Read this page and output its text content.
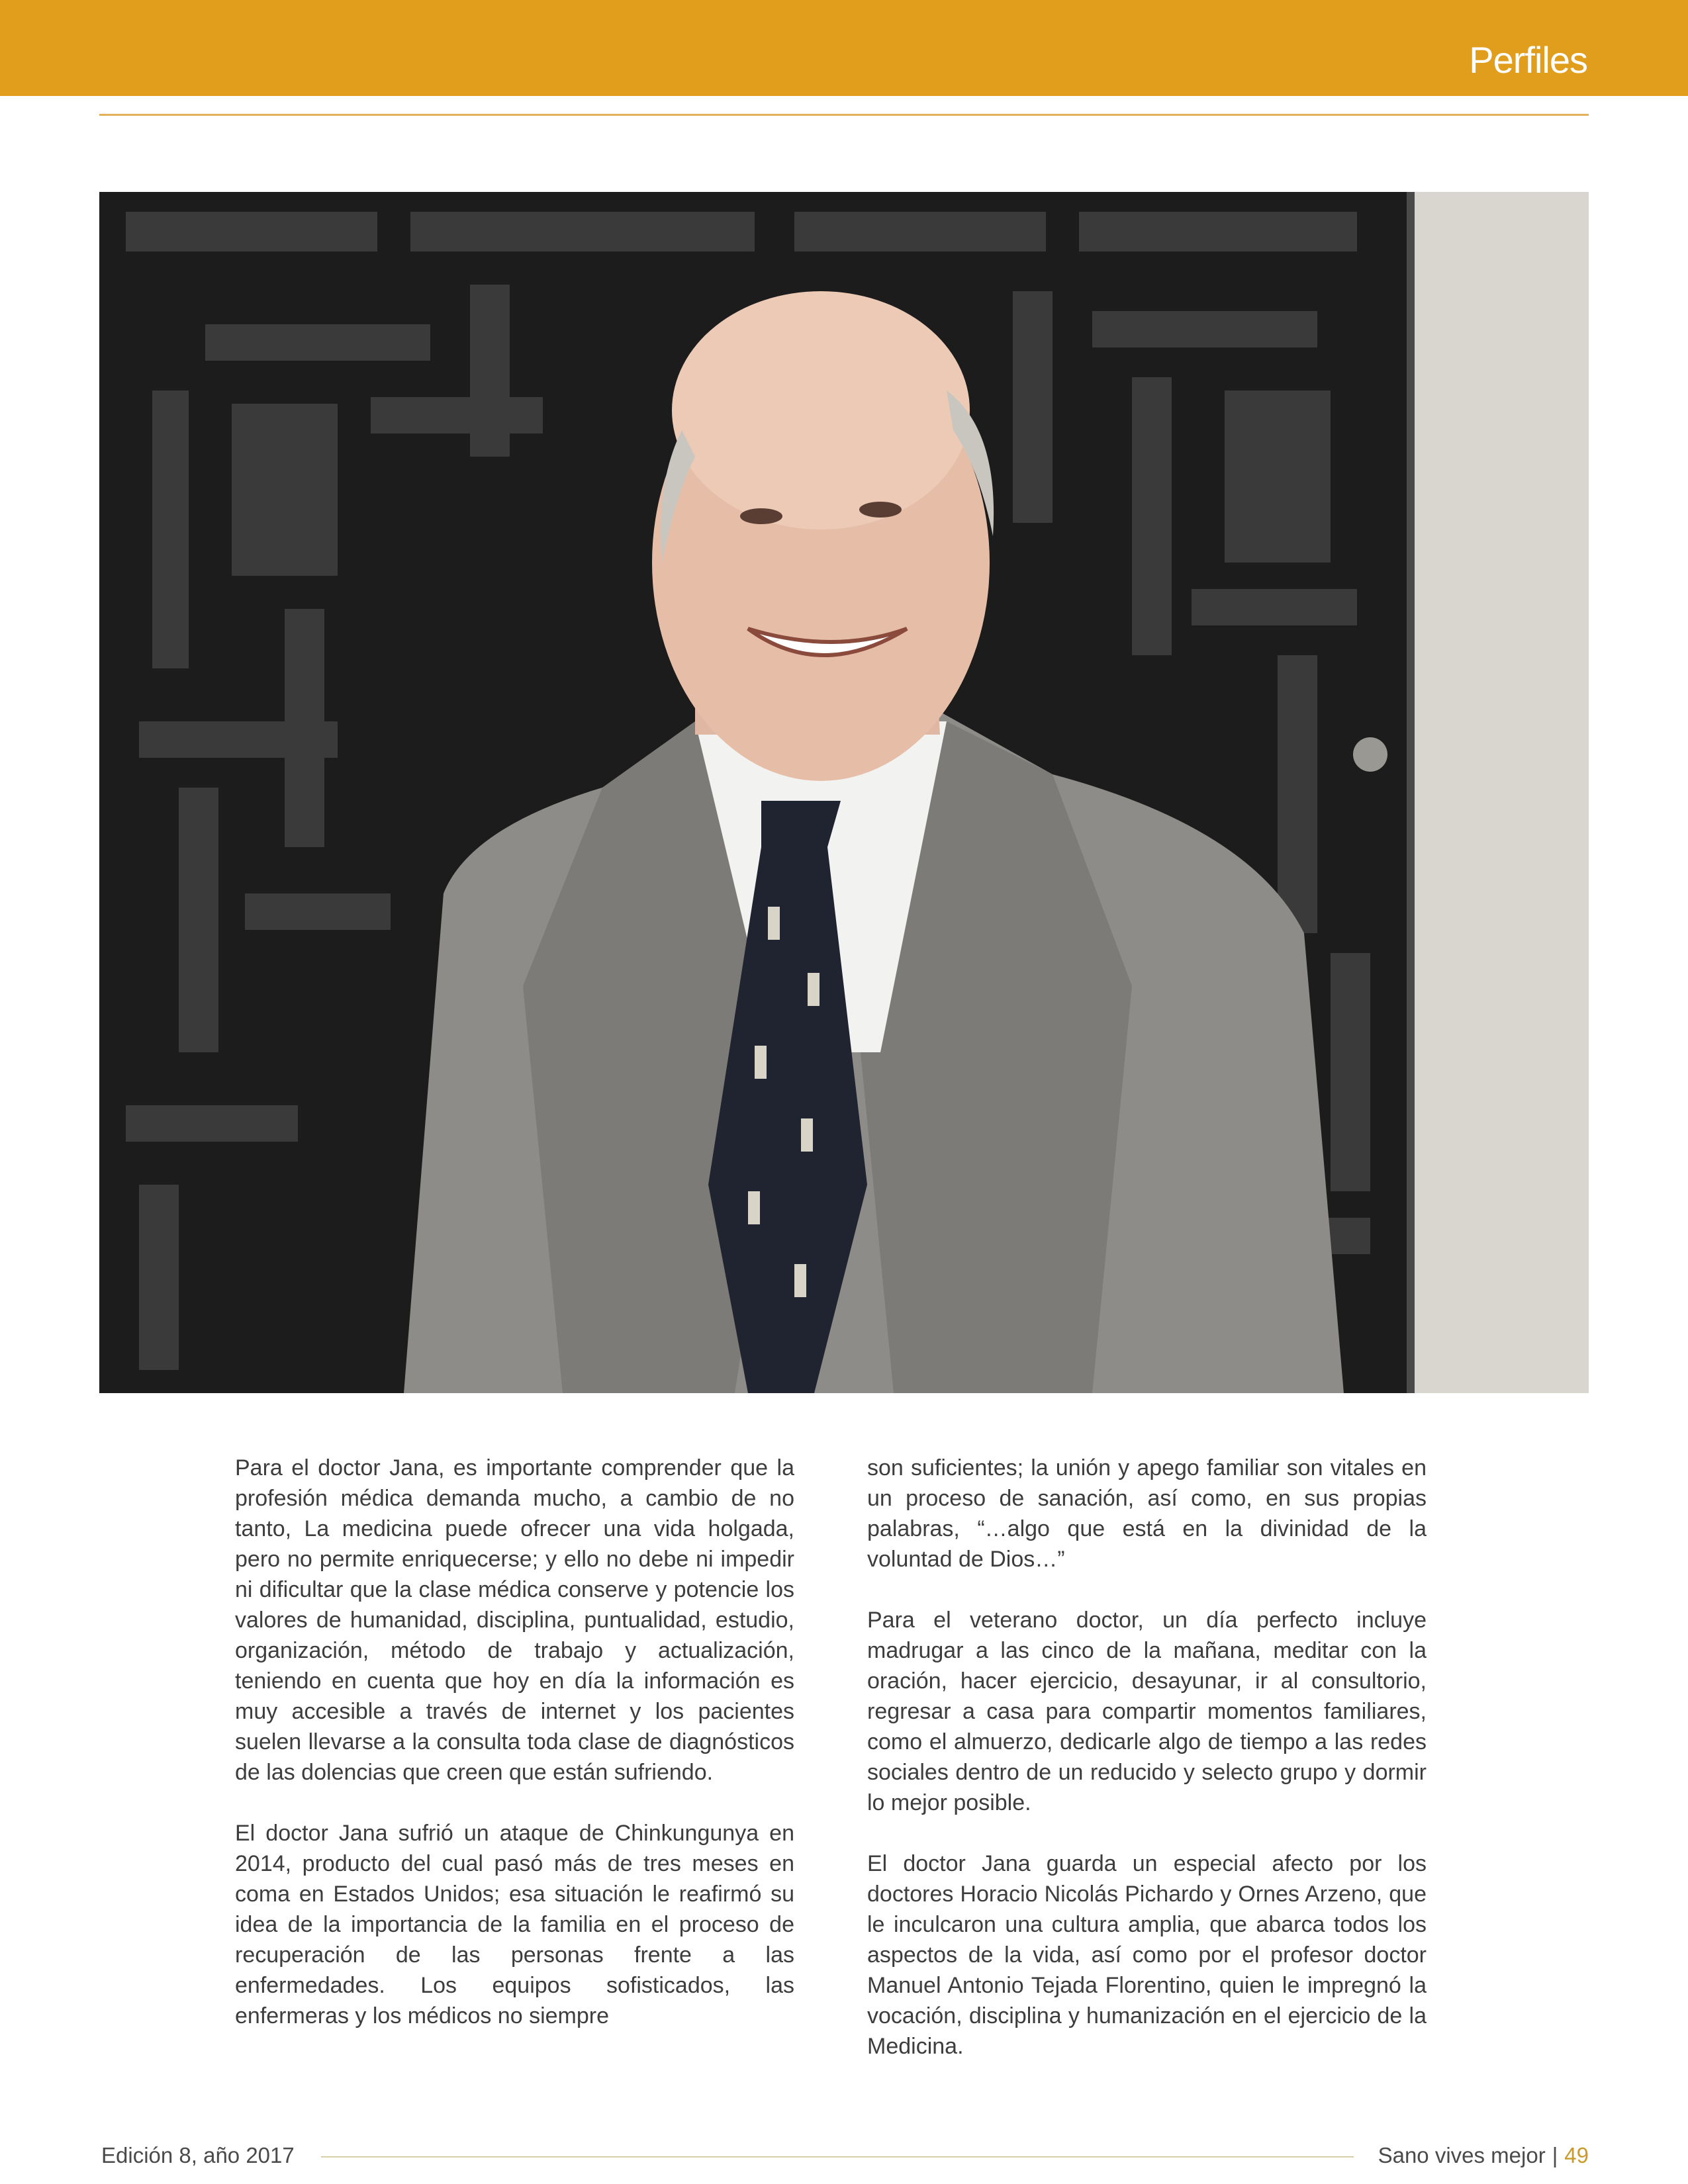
Perfiles

Para el doctor Jana, es importante comprender que la profesión médica demanda mucho, a cambio de no tanto, La medicina puede ofrecer una vida holgada, pero no permite enriquecerse; y ello no debe ni impedir ni dificultar que la clase médica conserve y potencie los valores de humanidad, disciplina, puntualidad, estudio, organización, método de trabajo y actualización, teniendo en cuenta que hoy en día la información es muy accesible a través de internet y los pacientes suelen llevarse a la consulta toda clase de diagnósticos de las dolencias que creen que están sufriendo.

El doctor Jana sufrió un ataque de Chinkungunya en 2014, producto del cual pasó más de tres meses en coma en Estados Unidos; esa situación le reafirmó su idea de la importancia de la familia en el proceso de recuperación de las personas frente a las enfermedades. Los equipos sofisticados, las enfermeras y los médicos no siempre

son suficientes; la unión y apego familiar son vitales en un proceso de sanación, así como, en sus propias palabras, “…algo que está en la divinidad de la voluntad de Dios…”

Para el veterano doctor, un día perfecto incluye madrugar a las cinco de la mañana, meditar con la oración, hacer ejercicio, desayunar, ir al consultorio, regresar a casa para compartir momentos familiares, como el almuerzo, dedicarle algo de tiempo a las redes sociales dentro de un reducido y selecto grupo y dormir lo mejor posible.

El doctor Jana guarda un especial afecto por los doctores Horacio Nicolás Pichardo y Ornes Arzeno, que le inculcaron una cultura amplia, que abarca todos los aspectos de la vida, así como por el profesor doctor Manuel Antonio Tejada Florentino, quien le impregnó la vocación, disciplina y humanización en el ejercicio de la Medicina.

Edición 8, año 2017	Sano vives mejor | 49
